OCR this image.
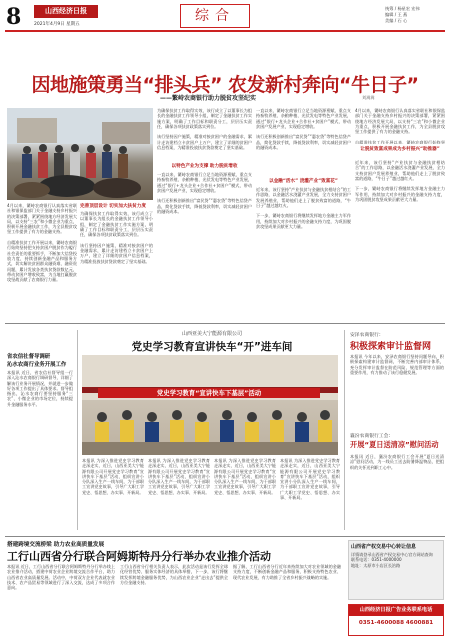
8	山西经济日报
2021年4月9日 星期五
综合	统筹 / 杨星宏 宏伟
编辑 / 王 燕
美编 / 石 心
因地施策勇当“排头兵” 农发新村奔向“牛日子”
——繁峙农商银行助力脱贫攻坚纪实	刘嵩嵩
4月以来，繁峙农商银行认真落实省联社和银保监部门关于金融支持乡村振兴的决策部署，紧紧围绕地方经济发展大局，以支持“三农”和小微企业为重点，积极开展金融扶贫工作，为全县脱贫攻坚工作提供了有力的金融支持。

自精准扶贫工作开展以来，繁峙农商银行始终坚持把支持贫困户脱贫作为履行社会责任的重要抓手，不断加大信贷投放力度，持续创新金融产品和服务方式，切实解决贫困群众融资难、融资贵问题，累计发放各类扶贫贷款数亿元，带动贫困户增收致富，为当地打赢脱贫攻坚战贡献了农商银行力量。
完善顶层设计 切实加大扶贫力度
为确保扶贫工作取得实效，该行成立了以董事长为组长的金融扶贫工作领导小组，制定了金融扶贫工作实施方案，明确了工作目标和职责分工，层层压实责任，确保各项扶贫政策落实到位。

该行坚持因户施策，精准对接贫困户的金融需求，累计走访建档立卡贫困户上万户，建立了详细的贫困户信息档案，为精准投放扶贫贷款奠定了坚实基础。
以特色产业为支撑 助力脱贫增收
为确保扶贫工作取得实效，该行成立了以董事长为组长的金融扶贫工作领导小组，制定了金融扶贫工作实施方案，明确了工作目标和职责分工，层层压实责任，确保各项扶贫政策落实到位。

该行坚持因户施策，精准对接贫困户的金融需求，累计走访建档立卡贫困户上万户，建立了详细的贫困户信息档案，为精准投放扶贫贷款奠定了坚实基础。
一直以来，繁峙农商银行立足当地资源禀赋，重点支持畜牧养殖、杂粮种植、光伏发电等特色产业发展，通过“银行+龙头企业+合作社+贫困户”模式，带动贫困户发展产业，实现稳定增收。

该行还积极创新推出“富民贷”“惠农贷”等特色信贷产品，简化贷款手续，降低贷款利率，切实减轻贫困户的融资成本。
以金融“活水” 浇灌产业“致富花”
一直以来，繁峙农商银行立足当地资源禀赋，重点支持畜牧养殖、杂粮种植、光伏发电等特色产业发展，通过“银行+龙头企业+合作社+贫困户”模式，带动贫困户发展产业，实现稳定增收。

该行还积极创新推出“富民贷”“惠农贷”等特色信贷产品，简化贷款手续，降低贷款利率，切实减轻贫困户的融资成本。
近年来，该行坚持“产业扶贫与金融扶贫相结合”的工作思路，以金融活水浇灌产业发展，全力支持贫困户发展养殖业，帮助他们走上了脱贫致富的道路，“牛日子”越过越红火。

下一步，繁峙农商银行将继续发挥地方金融主力军作用，持续加大对乡村振兴的金融支持力度，为巩固脱贫攻坚成果贡献更大力量。
让脱贫致富成果成为乡村振兴“助推器”
4月以来，繁峙农商银行认真落实省联社和银保监部门关于金融支持乡村振兴的决策部署，紧紧围绕地方经济发展大局，以支持“三农”和小微企业为重点，积极开展金融扶贫工作，为全县脱贫攻坚工作提供了有力的金融支持。

自精准扶贫工作开展以来，繁峙农商银行始终坚
近年来，该行坚持“产业扶贫与金融扶贫相结合”的工作思路，以金融活水浇灌产业发展，全力支持贫困户发展养殖业，帮助他们走上了脱贫致富的道路，“牛日子”越过越红火。

下一步，繁峙农商银行将继续发挥地方金融主力军作用，持续加大对乡村振兴的金融支持力度，为巩固脱贫攻坚成果贡献更大力量。
省农信社督导调研
沁水农商行业务开展工作
本报讯 近日，省农信社督导组一行深入沁水农商银行调研督导，详细了解该行业务开展情况，并就进一步做好各项工作提出了具体要求。督导组指出，沁水农商行要坚持服务“三农”、小微企业的市场定位，持续提升金融服务水平。
山西亚美大宁能源有限公司
党史学习教育宣讲快车“开”进车间
党史学习教育“宣讲快车下基层”活动
本报讯 为深入推进党史学习教育走深走实，近日，山西亚美大宁能源有限公司开展党史学习教育“宣讲快车下基层”活动，组织宣讲小分队深入生产一线车间，为干部职工宣讲党史故事，引导广大职工学党史、悟思想、办实事、开新局。
本报讯 为深入推进党史学习教育走深走实，近日，山西亚美大宁能源有限公司开展党史学习教育“宣讲快车下基层”活动，组织宣讲小分队深入生产一线车间，为干部职工宣讲党史故事，引导广大职工学党史、悟思想、办实事、开新局。
本报讯 为深入推进党史学习教育走深走实，近日，山西亚美大宁能源有限公司开展党史学习教育“宣讲快车下基层”活动，组织宣讲小分队深入生产一线车间，为干部职工宣讲党史故事，引导广大职工学党史、悟思想、办实事、开新局。
本报讯 为深入推进党史学习教育走深走实，近日，山西亚美大宁能源有限公司开展党史学习教育“宣讲快车下基层”活动，组织宣讲小分队深入生产一线车间，为干部职工宣讲党史故事，引导广大职工学党史、悟思想、办实事、开新局。
安泽农商银行：
积极探索审计监督网
本报讯 今年以来，安泽农商银行坚持问题导向，积极探索构建审计监督网，不断完善内部审计体系，充分发挥审计监督在防范风险、规范管理等方面的重要作用，有力推动了该行稳健发展。
襄汾农商银行工会：
开展“夏日送清凉”慰问活动
本报讯 近日，襄汾农商银行工会开展“夏日送清凉”慰问活动，为一线员工送去防暑降温物品，把组织的关怀送到职工心中。
搭建跨境交流桥梁 助力农业高质量发展
工行山西省分行联合阿姆斯特丹分行举办农业推介活动
本报讯 近日，工行山西省分行联合阿姆斯特丹分行举办线上农业推介活动，搭建中荷农业企业跨境交流合作平台，助力山西省农业高质量发展。活动中，中荷双方企业代表就农业技术、农产品贸易等领域进行了深入交流，达成了多项合作意向。
工行山西省分行相关负责人表示，此次活动是该行发挥全球化经营优势、服务实体经济的具体举措，下一步，该行将继续发挥跨境金融服务优势，为山西农业企业“走出去”提供全方位金融支持。
据了解，工行山西省分行近年来持续加大对农业领域的金融支持力度，不断创新金融产品和服务，积极支持特色农业、现代农业发展，有力助推了全省乡村振兴战略的实施。
山西省产权交易中心转让信息
详情请登录山西省产权交易中心官方网站查询
联系电话：0351-4000000
地址：太原市小店区长治路
山西经济日报广告业务联系电话
0351-4600088 4600881
